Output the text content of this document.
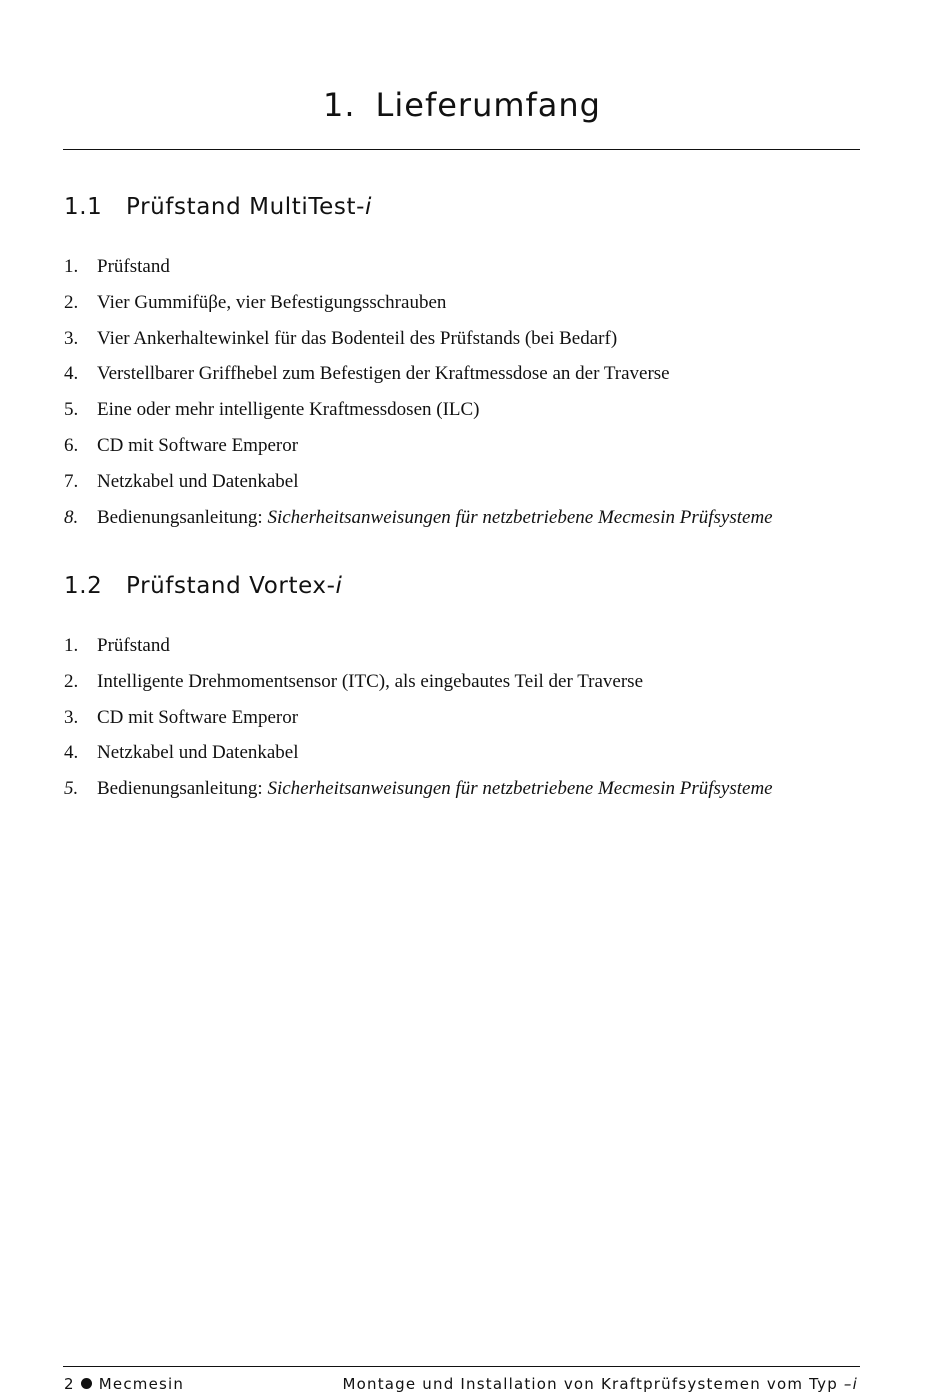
1. Lieferumfang
1.1 Prüfstand MultiTest-i
1. Prüfstand
2. Vier Gummifüβe, vier Befestigungsschrauben
3. Vier Ankerhaltewinkel für das Bodenteil des Prüfstands (bei Bedarf)
4. Verstellbarer Griffhebel zum Befestigen der Kraftmessdose an der Traverse
5. Eine oder mehr intelligente Kraftmessdosen (ILC)
6. CD mit Software Emperor
7. Netzkabel und Datenkabel
8. Bedienungsanleitung: Sicherheitsanweisungen für netzbetriebene Mecmesin Prüfsysteme
1.2 Prüfstand Vortex-i
1. Prüfstand
2. Intelligente Drehmomentsensor (ITC), als eingebautes Teil der Traverse
3. CD mit Software Emperor
4. Netzkabel und Datenkabel
5. Bedienungsanleitung: Sicherheitsanweisungen für netzbetriebene Mecmesin Prüfsysteme
2 Mecmesin	Montage und Installation von Kraftprüfsystemen vom Typ –i
